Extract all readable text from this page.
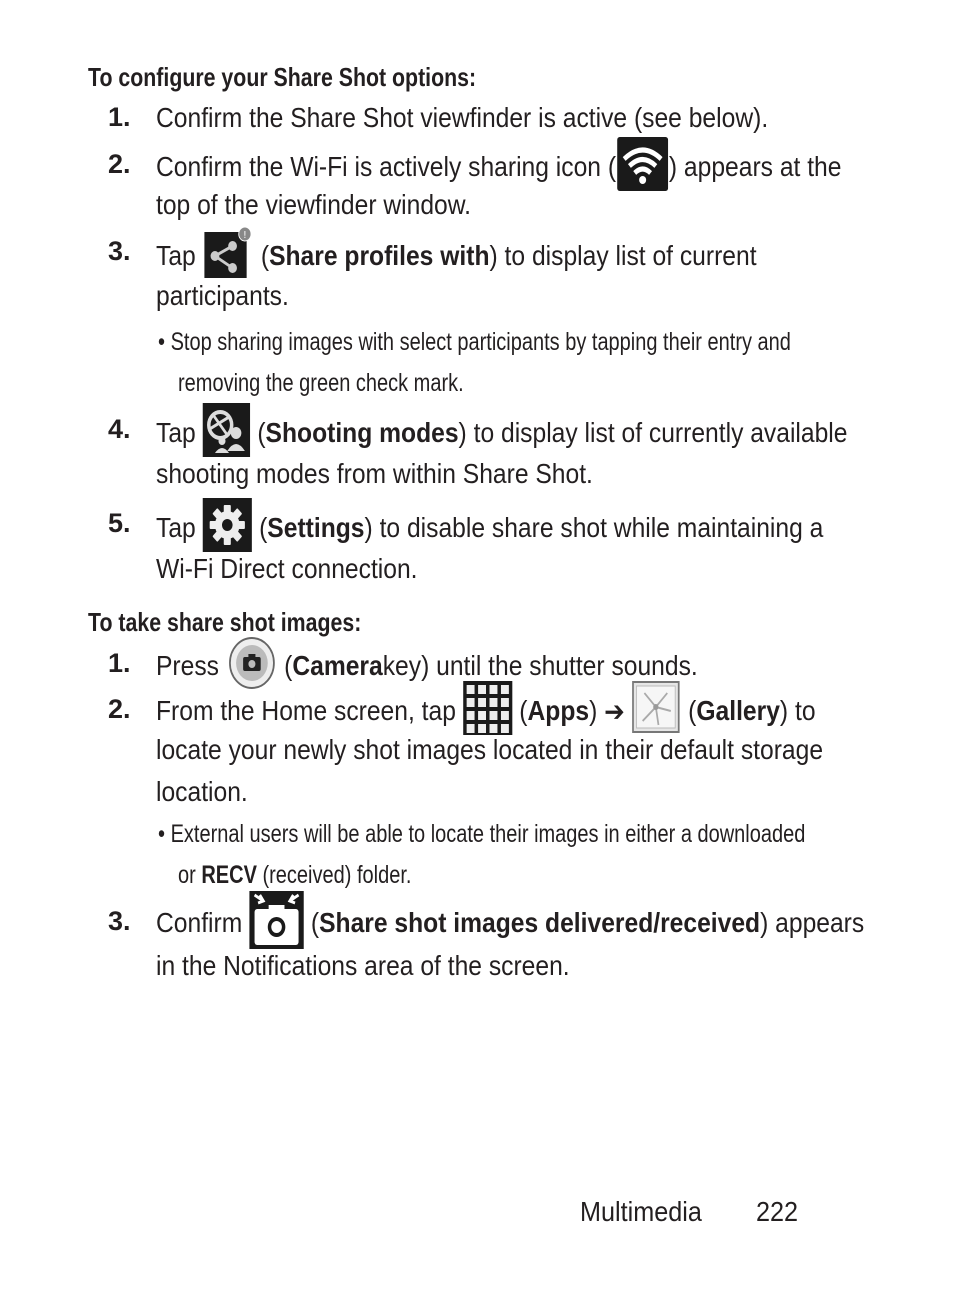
To configure your Share Shot options:
1. Confirm the Share Shot viewfinder is active (see below).
2. Confirm the Wi-Fi is actively sharing icon ( ) appears at the
top of the viewfinder window.
3. Tap
!
( Share profiles with ) to display list of current
participants.
• Stop sharing images with select participants by tapping their entry and
removing the green check mark.
4. Tap ( Shooting modes ) to display list of currently available
shooting modes from within Share Shot.
5. Tap ( Settings ) to disable share shot while maintaining a
Wi-Fi Direct connection.
To take share shot images:
1. Press ( Camera key) until the shutter sounds.
2. From the Home screen, tap ( Apps ) ➔ ( Gallery ) to
locate your newly shot images located in their default storage
location.
• External users will be able to locate their images in either a downloaded
or RECV (received) folder.
3. Confirm ( Share shot images delivered/received ) appears
in the Notifications area of the screen.
Multimedia 222
